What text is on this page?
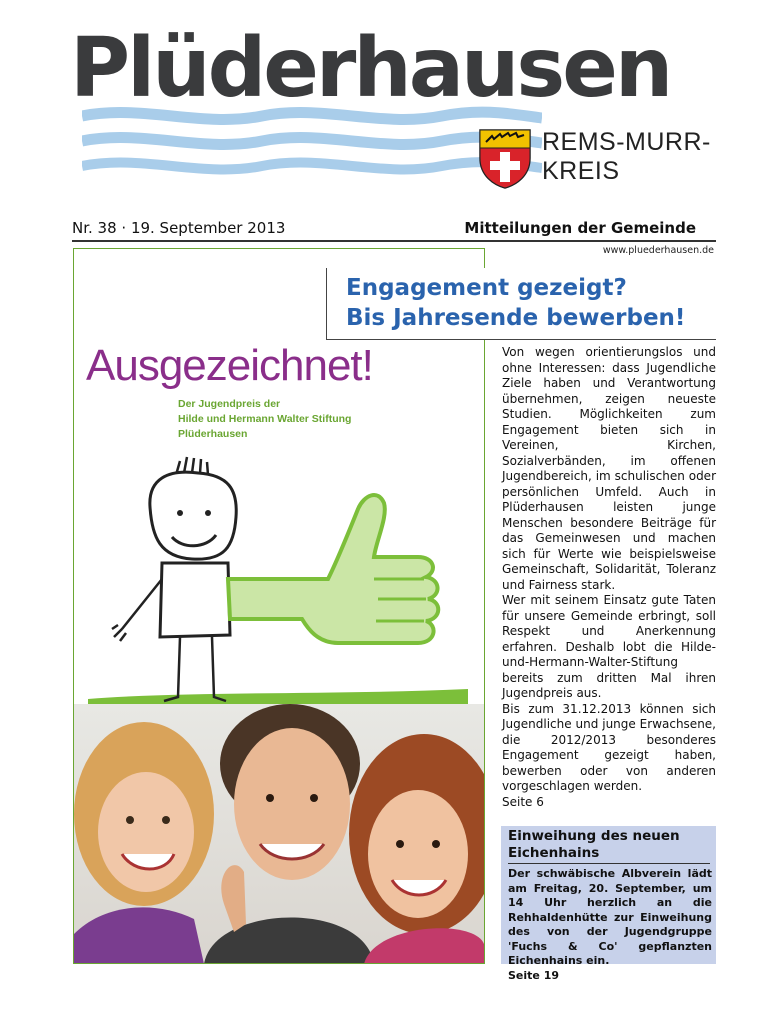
Plüderhausen
REMS-MURR-
KREIS
Nr. 38 · 19. September 2013	Mitteilungen der Gemeinde
www.pluederhausen.de
Ausgezeichnet!
Der Jugendpreis der
Hilde und Hermann Walter Stiftung
Plüderhausen
Engagement gezeigt?
Bis Jahresende bewerben!

Von wegen orientierungslos und ohne Interessen: dass Jugendliche Ziele haben und Verantwortung übernehmen, zeigen neueste Studien. Möglichkeiten zum Engagement bieten sich in Vereinen, Kirchen, Sozialverbänden, im offenen Jugendbereich, im schulischen oder persönlichen Umfeld. Auch in Plüderhausen leisten junge Menschen besondere Beiträge für das Gemeinwesen und machen sich für Werte wie beispielsweise Gemeinschaft, Solidarität, Toleranz und Fairness stark.

Wer mit seinem Einsatz gute Taten für unsere Gemeinde erbringt, soll Respekt und Anerkennung erfahren. Deshalb lobt die Hilde-und-Hermann-Walter-Stiftung bereits zum dritten Mal ihren Jugendpreis aus.

Bis zum 31.12.2013 können sich Jugendliche und junge Erwachsene, die 2012/2013 besonderes Engagement gezeigt haben, bewerben oder von anderen vorgeschlagen werden.

Seite 6

Einweihung des neuen Eichenhains
Der schwäbische Albverein lädt am Freitag, 20. September, um 14 Uhr herzlich an die Rehhaldenhütte zur Einweihung des von der Jugendgruppe 'Fuchs & Co' gepflanzten Eichenhains ein.
Seite 19
